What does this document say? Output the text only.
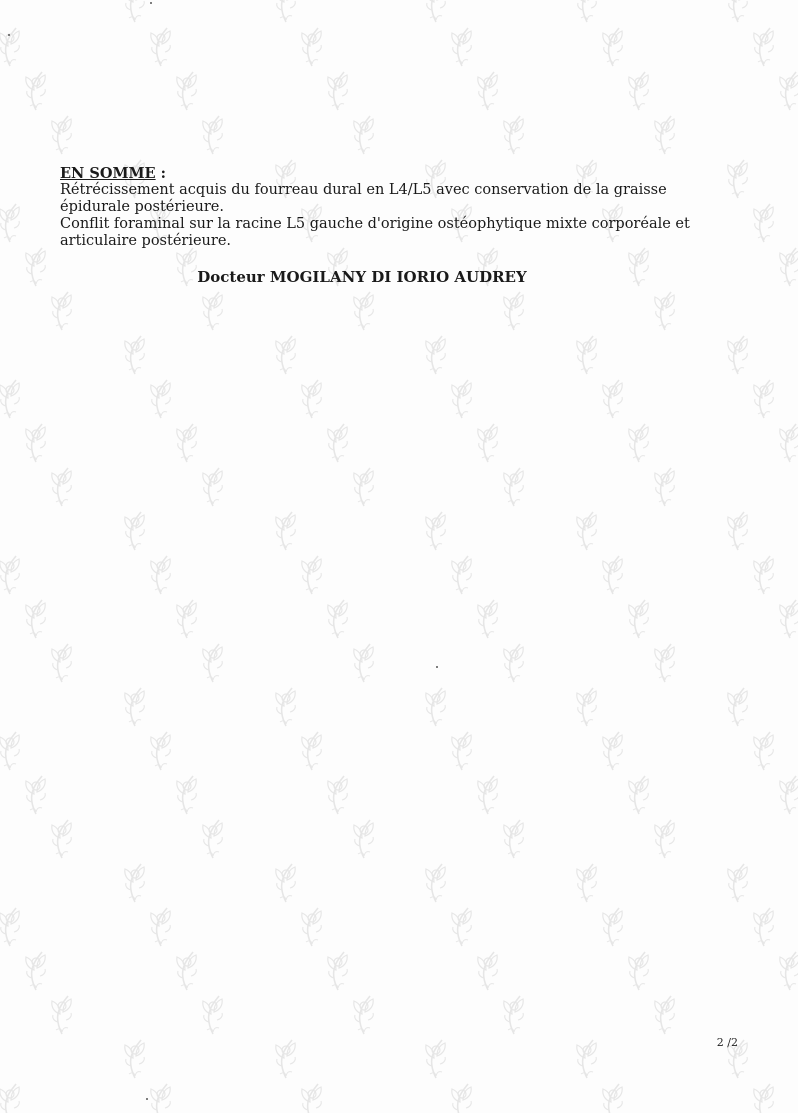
EN SOMME :
Rétrécissement acquis du fourreau dural en L4/L5 avec conservation de la graisse
épidurale postérieure.
Conflit foraminal sur la racine L5 gauche d'origine ostéophytique mixte corporéale et
articulaire postérieure.
Docteur MOGILANY DI IORIO AUDREY
2 /2
